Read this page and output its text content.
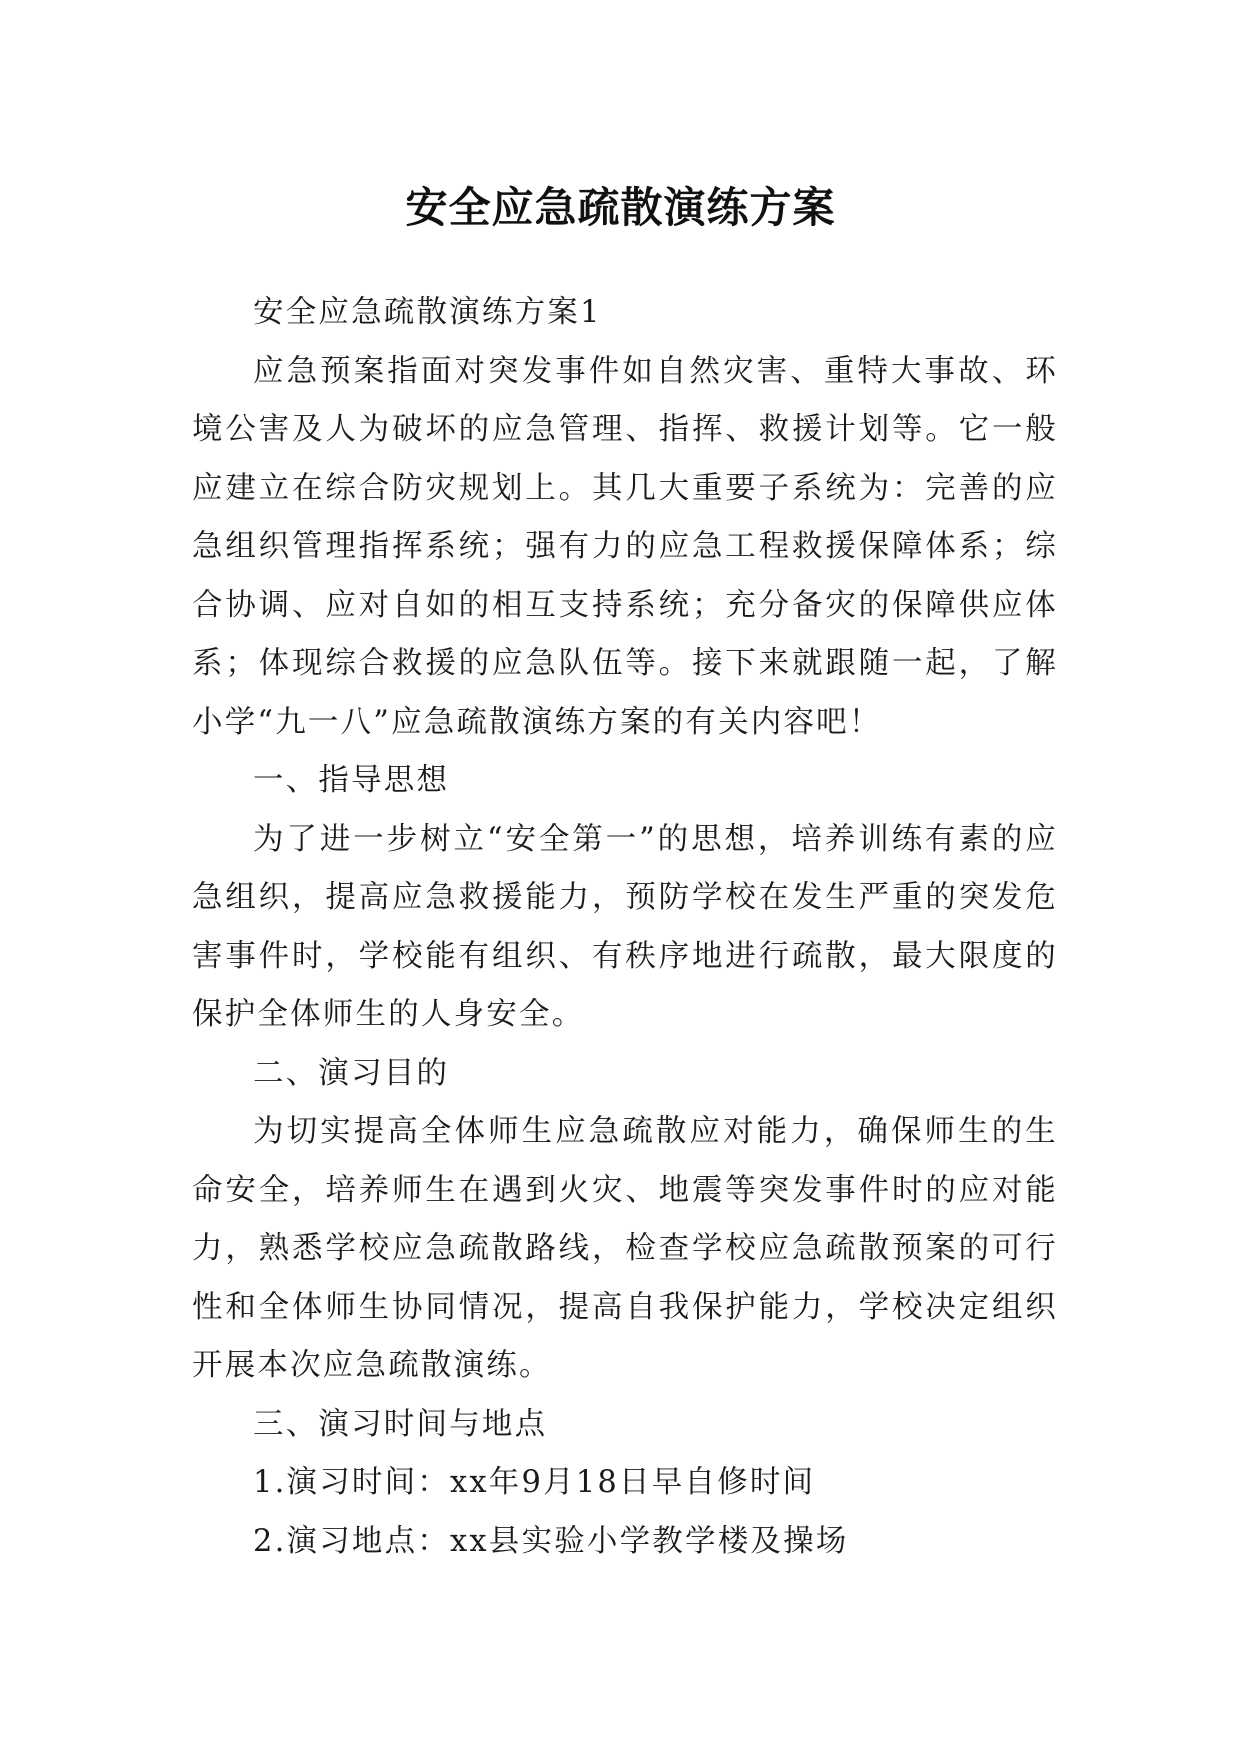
安全应急疏散演练方案

安全应急疏散演练方案1

应急预案指面对突发事件如自然灾害、重特大事故、环境公害及人为破坏的应急管理、指挥、救援计划等。它一般应建立在综合防灾规划上。其几大重要子系统为：完善的应急组织管理指挥系统；强有力的应急工程救援保障体系；综合协调、应对自如的相互支持系统；充分备灾的保障供应体系；体现综合救援的应急队伍等。接下来就跟随一起，了解小学“九一八”应急疏散演练方案的有关内容吧！

一、指导思想

为了进一步树立“安全第一”的思想，培养训练有素的应急组织，提高应急救援能力，预防学校在发生严重的突发危害事件时，学校能有组织、有秩序地进行疏散，最大限度的保护全体师生的人身安全。

二、演习目的

为切实提高全体师生应急疏散应对能力，确保师生的生命安全，培养师生在遇到火灾、地震等突发事件时的应对能力，熟悉学校应急疏散路线，检查学校应急疏散预案的可行性和全体师生协同情况，提高自我保护能力，学校决定组织开展本次应急疏散演练。

三、演习时间与地点

1.演习时间：xx年9月18日早自修时间

2.演习地点：xx县实验小学教学楼及操场
